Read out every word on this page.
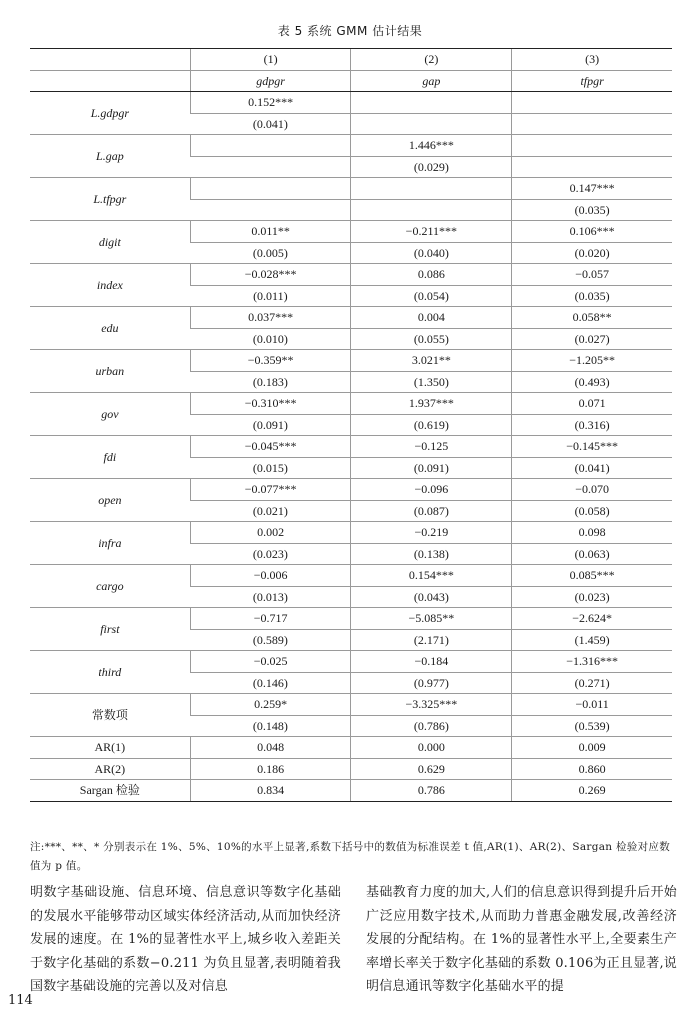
表 5 系统 GMM 估计结果
	(1)	(2)	(3)
	gdpgr	gap	tfpgr
L.gdpgr	0.152***		
	(0.041)		
L.gap		1.446***	
		(0.029)	
L.tfpgr			0.147***
			(0.035)
digit	0.011**	−0.211***	0.106***
	(0.005)	(0.040)	(0.020)
index	−0.028***	0.086	−0.057
	(0.011)	(0.054)	(0.035)
edu	0.037***	0.004	0.058**
	(0.010)	(0.055)	(0.027)
urban	−0.359**	3.021**	−1.205**
	(0.183)	(1.350)	(0.493)
gov	−0.310***	1.937***	0.071
	(0.091)	(0.619)	(0.316)
fdi	−0.045***	−0.125	−0.145***
	(0.015)	(0.091)	(0.041)
open	−0.077***	−0.096	−0.070
	(0.021)	(0.087)	(0.058)
infra	0.002	−0.219	0.098
	(0.023)	(0.138)	(0.063)
cargo	−0.006	0.154***	0.085***
	(0.013)	(0.043)	(0.023)
first	−0.717	−5.085**	−2.624*
	(0.589)	(2.171)	(1.459)
third	−0.025	−0.184	−1.316***
	(0.146)	(0.977)	(0.271)
常数项	0.259*	−3.325***	−0.011
	(0.148)	(0.786)	(0.539)
AR(1)	0.048	0.000	0.009
AR(2)	0.186	0.629	0.860
Sargan 检验	0.834	0.786	0.269
注:***、**、* 分别表示在 1%、5%、10%的水平上显著,系数下括号中的数值为标准误差 t 值,AR(1)、AR(2)、Sargan 检验对应数值为 p 值。
明数字基础设施、信息环境、信息意识等数字化基础的发展水平能够带动区域实体经济活动,从而加快经济发展的速度。在 1%的显著性水平上,城乡收入差距关于数字化基础的系数−0.211 为负且显著,表明随着我国数字基础设施的完善以及对信息
基础教育力度的加大,人们的信息意识得到提升后开始广泛应用数字技术,从而助力普惠金融发展,改善经济发展的分配结构。在 1%的显著性水平上,全要素生产率增长率关于数字化基础的系数 0.106为正且显著,说明信息通讯等数字化基础水平的提
114
